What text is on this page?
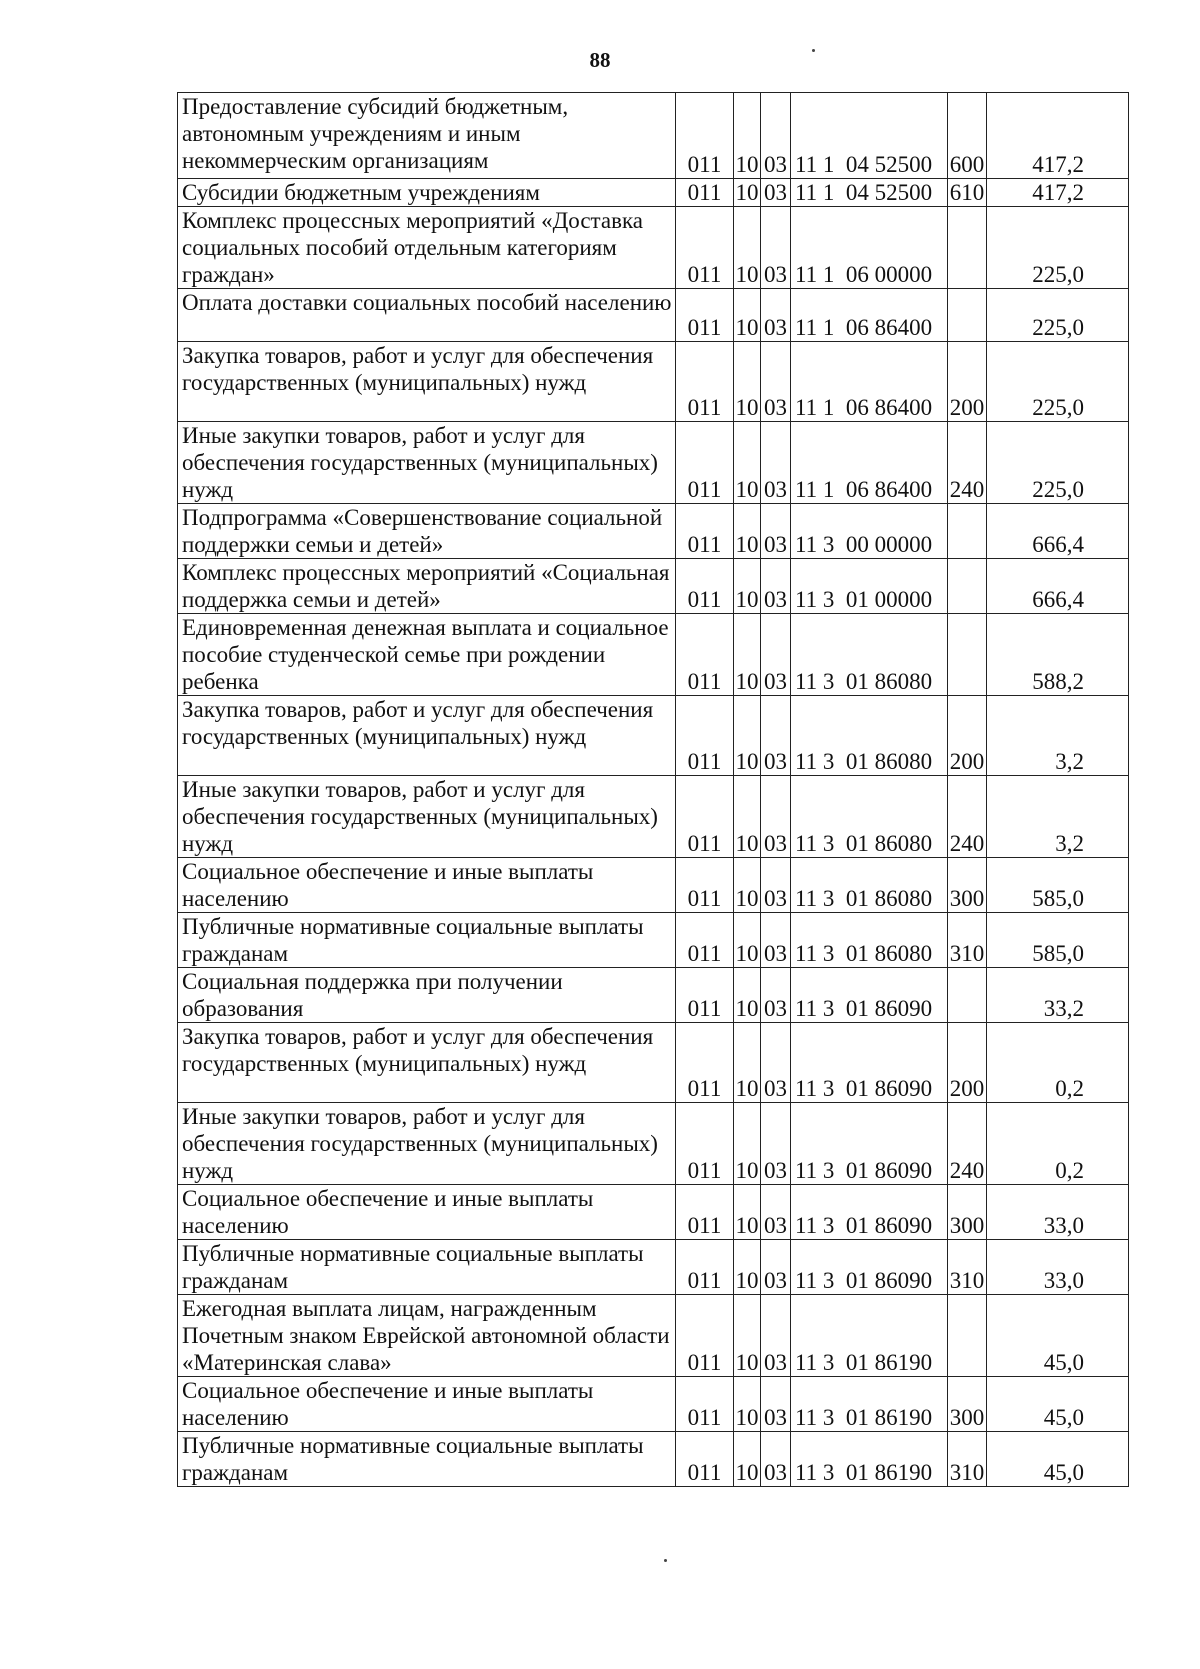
88
Предоставление субсидий бюджетным, автономным учреждениям и иным некоммерческим организациям	011	10	03	11 1  04 52500	600	417,2

Субсидии бюджетным учреждениям	011	10	03	11 1  04 52500	610	417,2

Комплекс процессных мероприятий «Доставка социальных пособий отдельным категориям граждан»	011	10	03	11 1  06 00000		225,0

Оплата доставки социальных пособий населению	011	10	03	11 1  06 86400		225,0

Закупка товаров, работ и услуг для обеспечения государственных (муниципальных) нужд	011	10	03	11 1  06 86400	200	225,0

Иные закупки товаров, работ и услуг для обеспечения государственных (муниципальных) нужд	011	10	03	11 1  06 86400	240	225,0

Подпрограмма «Совершенствование социальной поддержки семьи и детей»	011	10	03	11 3  00 00000		666,4

Комплекс процессных мероприятий «Социальная поддержка семьи и детей»	011	10	03	11 3  01 00000		666,4

Единовременная денежная выплата и социальное пособие студенческой семье при рождении ребенка	011	10	03	11 3  01 86080		588,2

Закупка товаров, работ и услуг для обеспечения государственных (муниципальных) нужд	011	10	03	11 3  01 86080	200	3,2

Иные закупки товаров, работ и услуг для обеспечения государственных (муниципальных) нужд	011	10	03	11 3  01 86080	240	3,2

Социальное обеспечение и иные выплаты населению	011	10	03	11 3  01 86080	300	585,0

Публичные нормативные социальные выплаты гражданам	011	10	03	11 3  01 86080	310	585,0

Социальная поддержка при получении образования	011	10	03	11 3  01 86090		33,2

Закупка товаров, работ и услуг для обеспечения государственных (муниципальных) нужд	011	10	03	11 3  01 86090	200	0,2

Иные закупки товаров, работ и услуг для обеспечения государственных (муниципальных) нужд	011	10	03	11 3  01 86090	240	0,2

Социальное обеспечение и иные выплаты населению	011	10	03	11 3  01 86090	300	33,0

Публичные нормативные социальные выплаты гражданам	011	10	03	11 3  01 86090	310	33,0

Ежегодная выплата лицам, награжденным Почетным знаком Еврейской автономной области «Материнская слава»	011	10	03	11 3  01 86190		45,0

Социальное обеспечение и иные выплаты населению	011	10	03	11 3  01 86190	300	45,0

Публичные нормативные социальные выплаты гражданам	011	10	03	11 3  01 86190	310	45,0
